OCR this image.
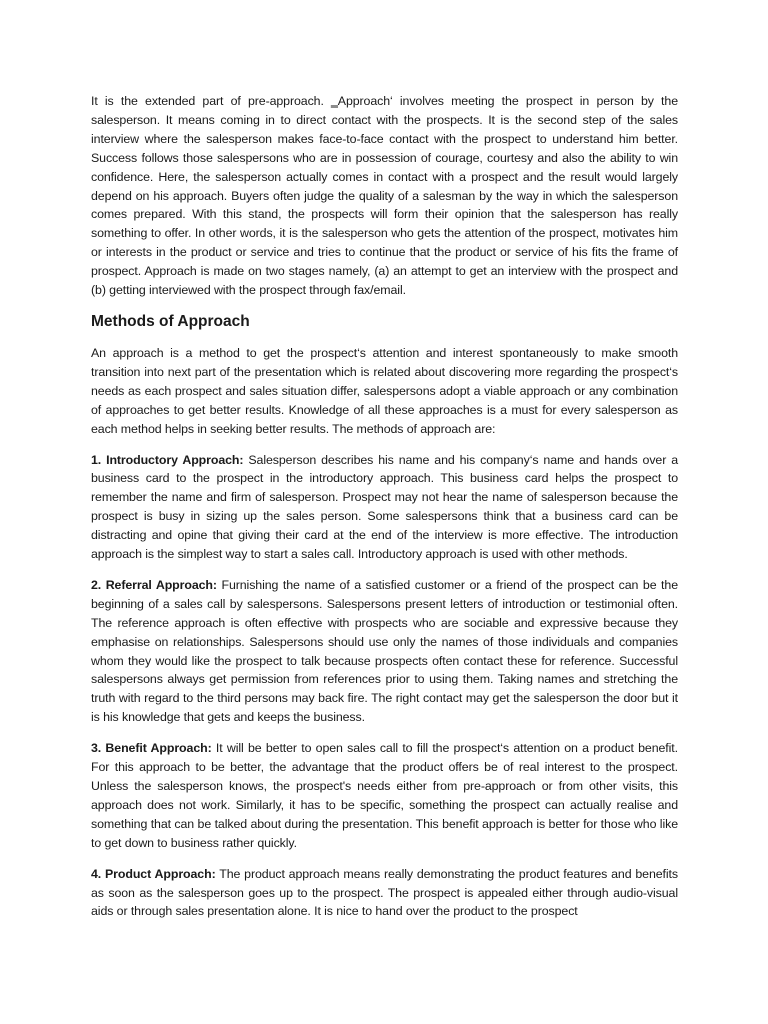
It is the extended part of pre-approach. ‗Approach‘ involves meeting the prospect in person by the salesperson. It means coming in to direct contact with the prospects. It is the second step of the sales interview where the salesperson makes face-to-face contact with the prospect to understand him better. Success follows those salespersons who are in possession of courage, courtesy and also the ability to win confidence. Here, the salesperson actually comes in contact with a prospect and the result would largely depend on his approach. Buyers often judge the quality of a salesman by the way in which the salesperson comes prepared. With this stand, the prospects will form their opinion that the salesperson has really something to offer. In other words, it is the salesperson who gets the attention of the prospect, motivates him or interests in the product or service and tries to continue that the product or service of his fits the frame of prospect. Approach is made on two stages namely, (a) an attempt to get an interview with the prospect and (b) getting interviewed with the prospect through fax/email.

Methods of Approach

An approach is a method to get the prospect‘s attention and interest spontaneously to make smooth transition into next part of the presentation which is related about discovering more regarding the prospect‘s needs as each prospect and sales situation differ, salespersons adopt a viable approach or any combination of approaches to get better results. Knowledge of all these approaches is a must for every salesperson as each method helps in seeking better results. The methods of approach are:

1. Introductory Approach: Salesperson describes his name and his company‘s name and hands over a business card to the prospect in the introductory approach. This business card helps the prospect to remember the name and firm of salesperson. Prospect may not hear the name of salesperson because the prospect is busy in sizing up the sales person. Some salespersons think that a business card can be distracting and opine that giving their card at the end of the interview is more effective. The introduction approach is the simplest way to start a sales call. Introductory approach is used with other methods.

2. Referral Approach: Furnishing the name of a satisfied customer or a friend of the prospect can be the beginning of a sales call by salespersons. Salespersons present letters of introduction or testimonial often. The reference approach is often effective with prospects who are sociable and expressive because they emphasise on relationships. Salespersons should use only the names of those individuals and companies whom they would like the prospect to talk because prospects often contact these for reference. Successful salespersons always get permission from references prior to using them. Taking names and stretching the truth with regard to the third persons may back fire. The right contact may get the salesperson the door but it is his knowledge that gets and keeps the business.

3. Benefit Approach: It will be better to open sales call to fill the prospect‘s attention on a product benefit. For this approach to be better, the advantage that the product offers be of real interest to the prospect. Unless the salesperson knows, the prospect's needs either from pre-approach or from other visits, this approach does not work. Similarly, it has to be specific, something the prospect can actually realise and something that can be talked about during the presentation. This benefit approach is better for those who like to get down to business rather quickly.

4. Product Approach: The product approach means really demonstrating the product features and benefits as soon as the salesperson goes up to the prospect. The prospect is appealed either through audio-visual aids or through sales presentation alone. It is nice to hand over the product to the prospect
